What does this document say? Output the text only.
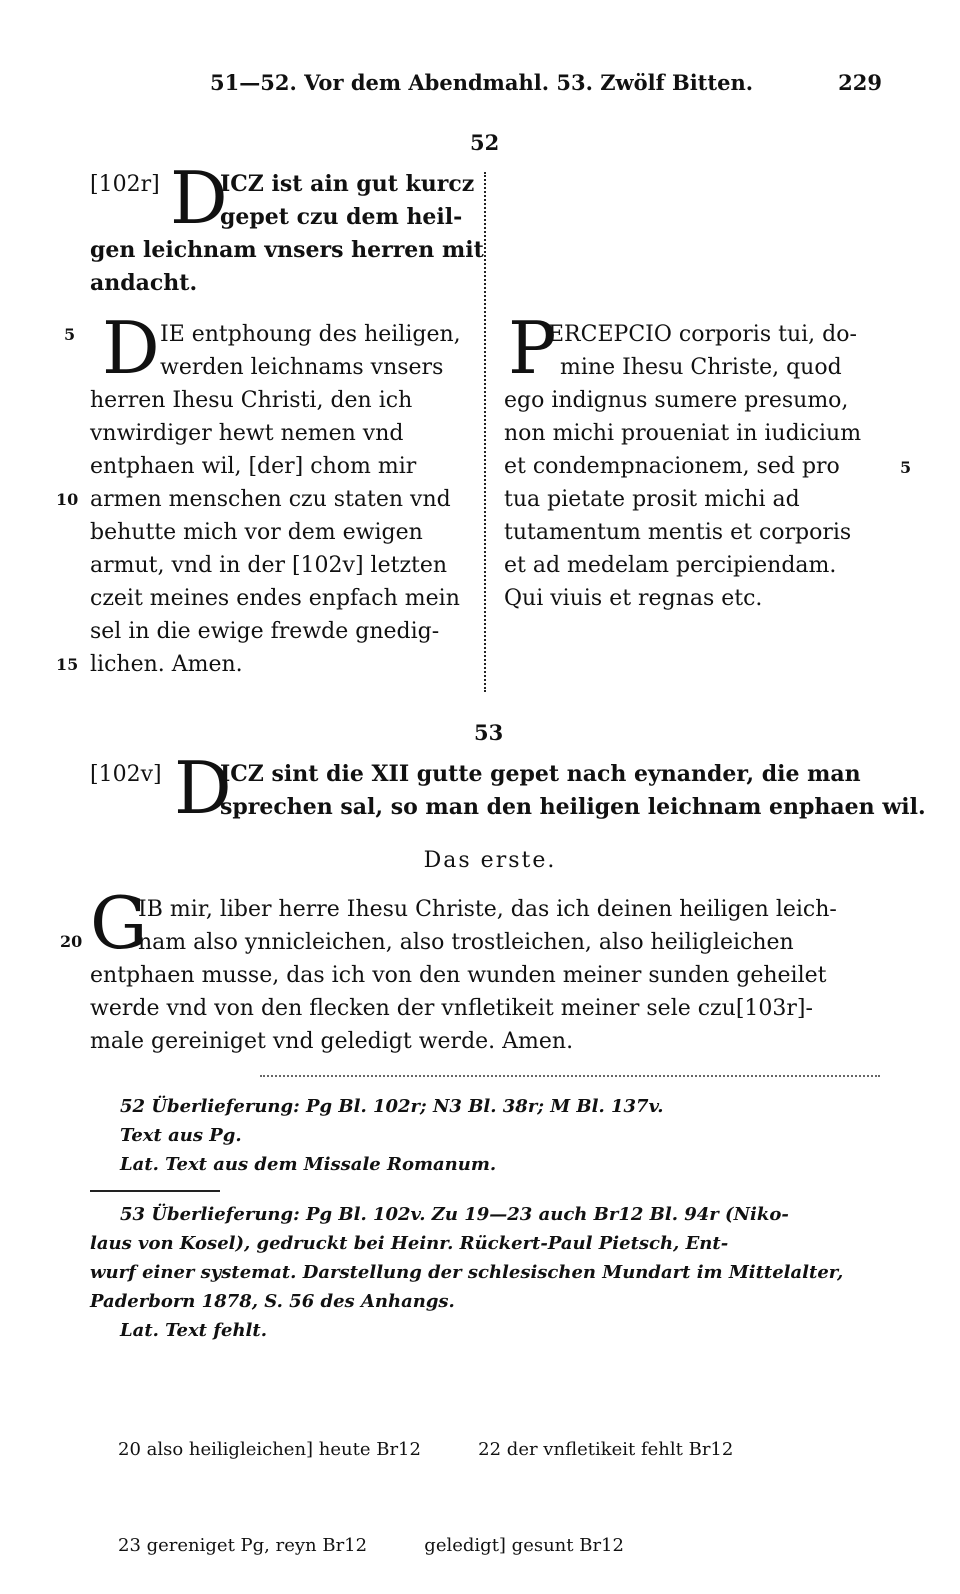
51—52. Vor dem Abendmahl. 53. Zwölf Bitten.	229
52
[102r] D
ICZ ist ain gut kurcz
gepet czu dem heil-
gen leichnam vnsers herren mit
andacht.
D IE entphoung des heiligen,
werden leichnams vnsers
herren Ihesu Christi, den ich
vnwirdiger hewt nemen vnd
entphaen wil, [der] chom mir
armen menschen czu staten vnd
behutte mich vor dem ewigen
armut, vnd in der [102v] letzten
czeit meines endes enpfach mein
sel in die ewige frewde gnedig-
lichen. Amen.
5
10
15
P
ERCEPCIO corporis tui, do-
mine Ihesu Christe, quod
ego indignus sumere presumo,
non michi proueniat in iudicium
et condempnacionem, sed pro
tua pietate prosit michi ad
tutamentum mentis et corporis
et ad medelam percipiendam.
Qui viuis et regnas etc.
5
53
[102v] D
ICZ sint die XII gutte gepet nach eynander, die man
sprechen sal, so man den heiligen leichnam enphaen wil.
Das erste.
G
IB mir, liber herre Ihesu Christe, das ich deinen heiligen leich-
nam also ynnicleichen, also trostleichen, also heiligleichen
entphaen musse, das ich von den wunden meiner sunden geheilet
werde vnd von den flecken der vnfletikeit meiner sele czu[103r]-
male gereiniget vnd geledigt werde. Amen.
20
52 Überlieferung: Pg Bl. 102r; N3 Bl. 38r; M Bl. 137v.
Text aus Pg.
Lat. Text aus dem Missale Romanum.
53 Überlieferung: Pg Bl. 102v. Zu 19—23 auch Br12 Bl. 94r (Niko-
laus von Kosel), gedruckt bei Heinr. Rückert-Paul Pietsch, Ent-
wurf einer systemat. Darstellung der schlesischen Mundart im Mittelalter,
Paderborn 1878, S. 56 des Anhangs.
Lat. Text fehlt.

20 also heiligleichen] heute Br12          22 der vnfletikeit fehlt Br12

23 gereniget Pg, reyn Br12          geledigt] gesunt Br12
